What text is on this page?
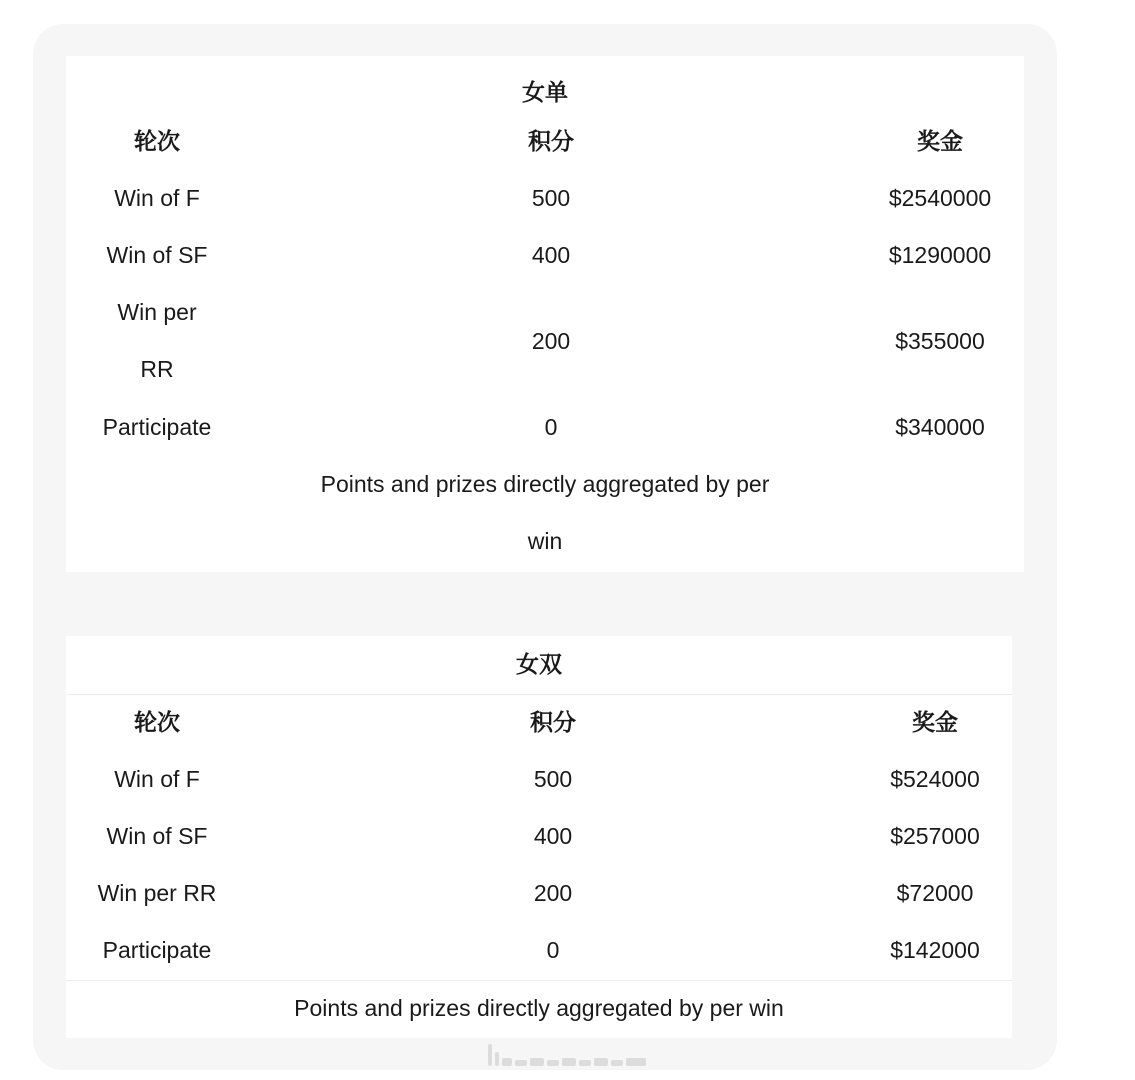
女单
轮次	积分	奖金
Win of F	500	$2540000
Win of SF	400	$1290000
Win per
RR
200	$355000
Participate	0	$340000
Points and prizes directly aggregated by per
win
女双
轮次	积分	奖金
Win of F	500	$524000
Win of SF	400	$257000
Win per RR	200	$72000
Participate	0	$142000
Points and prizes directly aggregated by per win
